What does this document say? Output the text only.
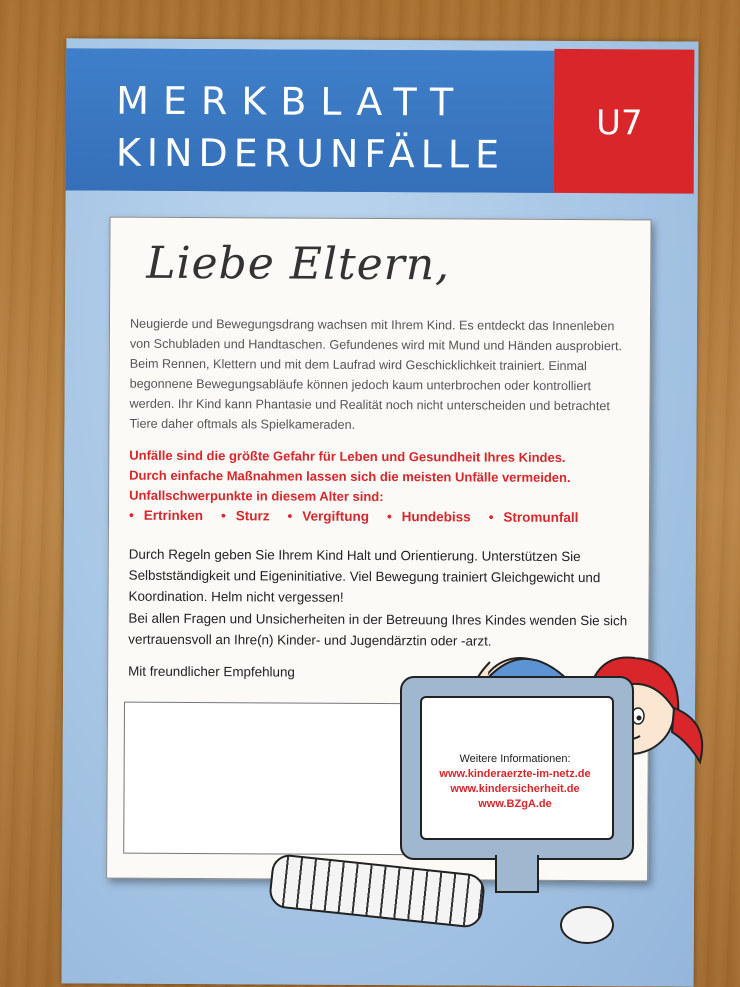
MERKBLATT
KINDERUNFÄLLE
U7
Liebe Eltern,
Neugierde und Bewegungsdrang wachsen mit Ihrem Kind. Es entdeckt das Innenleben von Schubladen und Handtaschen. Gefundenes wird mit Mund und Händen ausprobiert. Beim Rennen, Klettern und mit dem Laufrad wird Geschicklichkeit trainiert. Einmal begonnene Bewegungsabläufe können jedoch kaum unterbrochen oder kontrolliert werden. Ihr Kind kann Phantasie und Realität noch nicht unterscheiden und betrachtet Tiere daher oftmals als Spielkameraden.
Unfälle sind die größte Gefahr für Leben und Gesundheit Ihres Kindes.
Durch einfache Maßnahmen lassen sich die meisten Unfälle vermeiden.
Unfallschwerpunkte in diesem Alter sind:
• Ertrinken	• Sturz	• Vergiftung	• Hundebiss	• Stromunfall
Durch Regeln geben Sie Ihrem Kind Halt und Orientierung. Unterstützen Sie Selbstständigkeit und Eigeninitiative. Viel Bewegung trainiert Gleichgewicht und Koordination. Helm nicht vergessen!
Bei allen Fragen und Unsicherheiten in der Betreuung Ihres Kindes wenden Sie sich vertrauensvoll an Ihre(n) Kinder- und Jugendärztin oder -arzt.
Mit freundlicher Empfehlung
Weitere Informationen:
www.kinderaerzte-im-netz.de
www.kindersicherheit.de
www.BZgA.de
